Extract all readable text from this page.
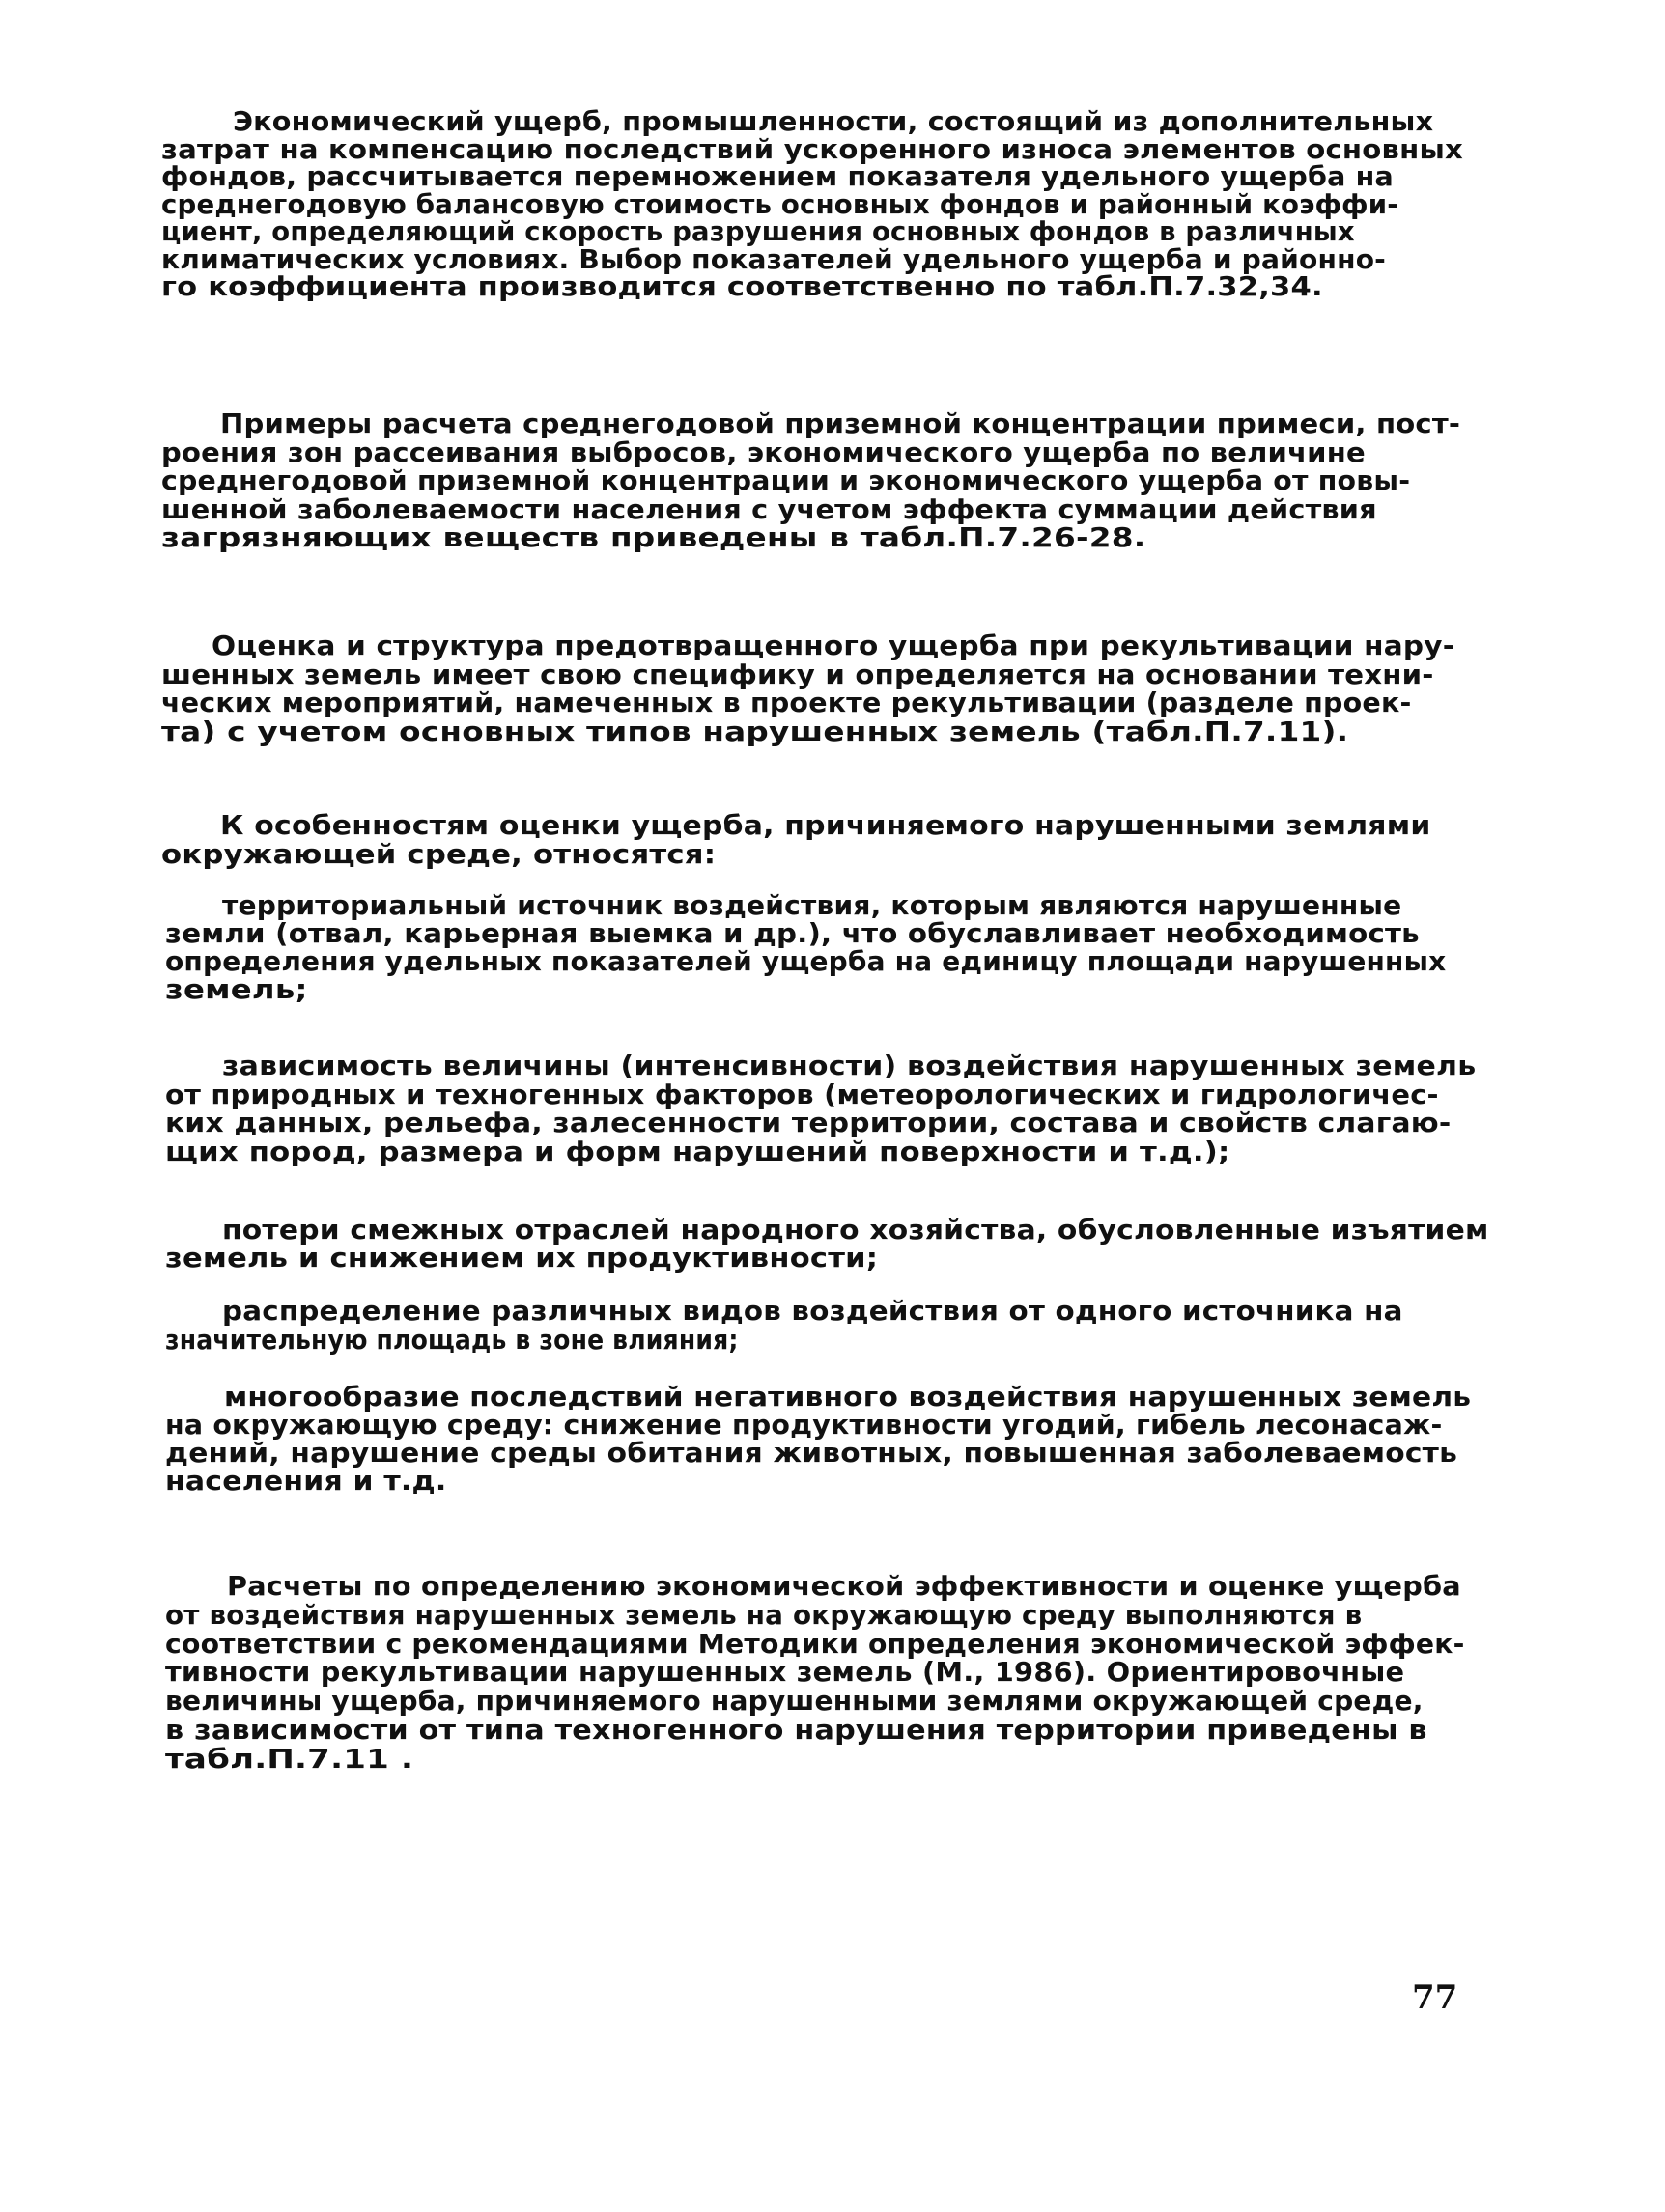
Экономический ущерб, промышленности, состоящий из дополнительных

затрат на компенсацию последствий ускоренного износа элементов основных

фондов, рассчитывается перемножением показателя удельного ущерба на

среднегодовую балансовую стоимость основных фондов и районный коэффи-

циент, определяющий скорость разрушения основных фондов в различных

климатических условиях. Выбор показателей удельного ущерба и районно-

го коэффициента производится соответственно по табл.П.7.32,34.

Примеры расчета среднегодовой приземной концентрации примеси, пост-

роения зон рассеивания выбросов, экономического ущерба по величине

среднегодовой приземной концентрации и экономического ущерба от повы-

шенной заболеваемости населения с учетом эффекта суммации действия

загрязняющих веществ приведены в табл.П.7.26-28.

Оценка и структура предотвращенного ущерба при рекультивации нару-

шенных земель имеет свою специфику и определяется на основании техни-

ческих мероприятий, намеченных в проекте рекультивации (разделе проек-

та) с учетом основных типов нарушенных земель (табл.П.7.11).

К особенностям оценки ущерба, причиняемого нарушенными землями

окружающей среде, относятся:

территориальный источник воздействия, которым являются нарушенные

земли (отвал, карьерная выемка и др.), что обуславливает необходимость

определения удельных показателей ущерба на единицу площади нарушенных

земель;

зависимость величины (интенсивности) воздействия нарушенных земель

от природных и техногенных факторов (метеорологических и гидрологичес-

ких данных, рельефа, залесенности территории, состава и свойств слагаю-

щих пород, размера и форм нарушений поверхности и т.д.);

потери смежных отраслей народного хозяйства, обусловленные изъятием

земель и снижением их продуктивности;

распределение различных видов воздействия от одного источника на

значительную площадь в зоне влияния;

многообразие последствий негативного воздействия нарушенных земель

на окружающую среду: снижение продуктивности угодий, гибель лесонасаж-

дений, нарушение среды обитания животных, повышенная заболеваемость

населения и т.д.

Расчеты по определению экономической эффективности и оценке ущерба

от воздействия нарушенных земель на окружающую среду выполняются в

соответствии с рекомендациями Методики определения экономической эффек-

тивности рекультивации нарушенных земель (М., 1986). Ориентировочные

величины ущерба, причиняемого нарушенными землями окружающей среде,

в зависимости от типа техногенного нарушения территории приведены в

табл.П.7.11 .

77
